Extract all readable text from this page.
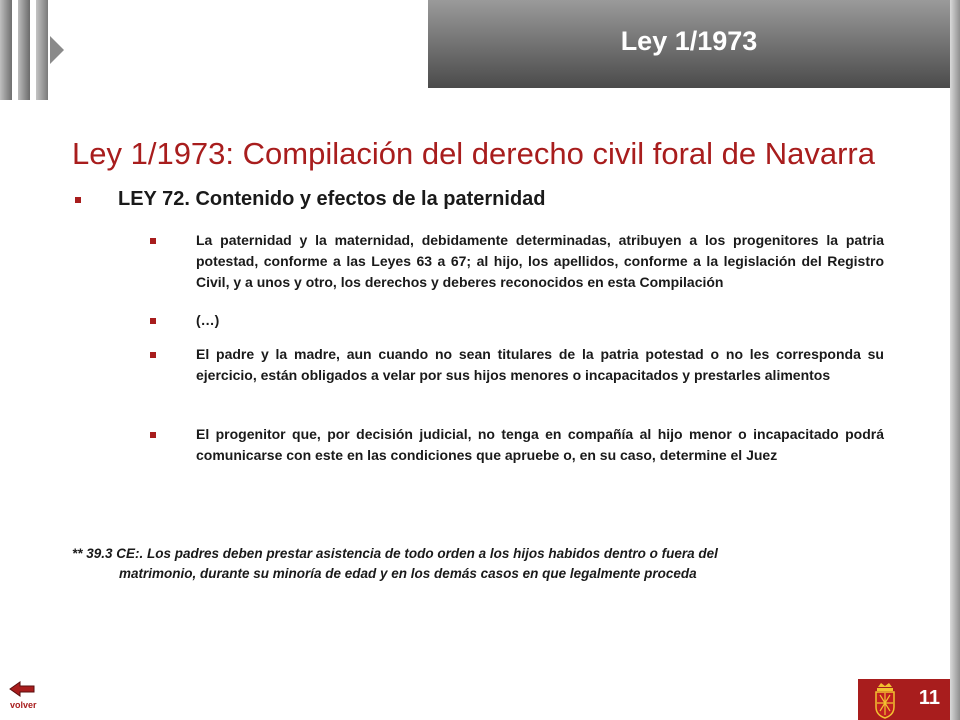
Ley 1/1973
Ley 1/1973: Compilación del derecho civil foral de Navarra
LEY 72. Contenido y efectos de la paternidad
La paternidad y la maternidad, debidamente determinadas, atribuyen a los progenitores la patria potestad, conforme a las Leyes 63 a 67; al hijo, los apellidos, conforme a la legislación del Registro Civil, y a unos y otro, los derechos y deberes reconocidos en esta Compilación
(…)
El padre y la madre, aun cuando no sean titulares de la patria potestad o no les corresponda su ejercicio, están obligados a velar por sus hijos menores o incapacitados y prestarles alimentos
El progenitor que, por decisión judicial, no tenga en compañía al hijo menor o incapacitado podrá comunicarse con este en las condiciones que apruebe o, en su caso, determine el Juez
** 39.3 CE:. Los padres deben prestar asistencia de todo orden a los hijos habidos dentro o fuera del
matrimonio, durante su minoría de edad y en los demás casos en que legalmente proceda
volver	11
